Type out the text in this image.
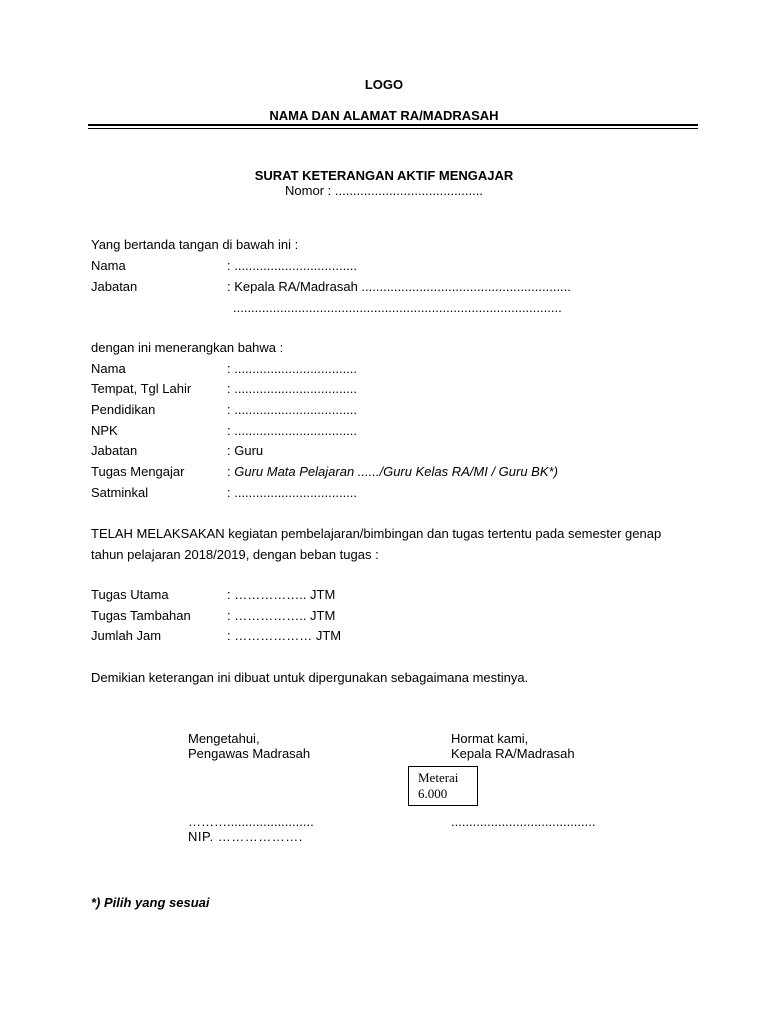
LOGO
NAMA DAN ALAMAT RA/MADRASAH
SURAT KETERANGAN AKTIF MENGAJAR
Nomor : .........................................
Yang bertanda tangan di bawah ini :
Nama	: ..................................
Jabatan	: Kepala RA/Madrasah ..........................................................
...........................................................................................
dengan ini menerangkan bahwa :
Nama	: ..................................
Tempat, Tgl Lahir	: ..................................
Pendidikan	: ..................................
NPK	: ..................................
Jabatan	: Guru
Tugas Mengajar	: Guru Mata Pelajaran ....../Guru Kelas RA/MI / Guru BK*)
Satminkal	: ..................................
TELAH MELAKSAKAN kegiatan pembelajaran/bimbingan dan tugas tertentu pada semester genap
tahun pelajaran 2018/2019, dengan beban tugas :
Tugas Utama	: …………….. JTM
Tugas Tambahan	: …………….. JTM
Jumlah Jam	: ……………… JTM
Demikian keterangan ini dibuat untuk dipergunakan sebagaimana mestinya.
Mengetahui,
Pengawas Madrasah
Hormat kami,
Kepala RA/Madrasah
Meterai
6.000
………........................
NIP. ……………….
........................................
*) Pilih yang sesuai
